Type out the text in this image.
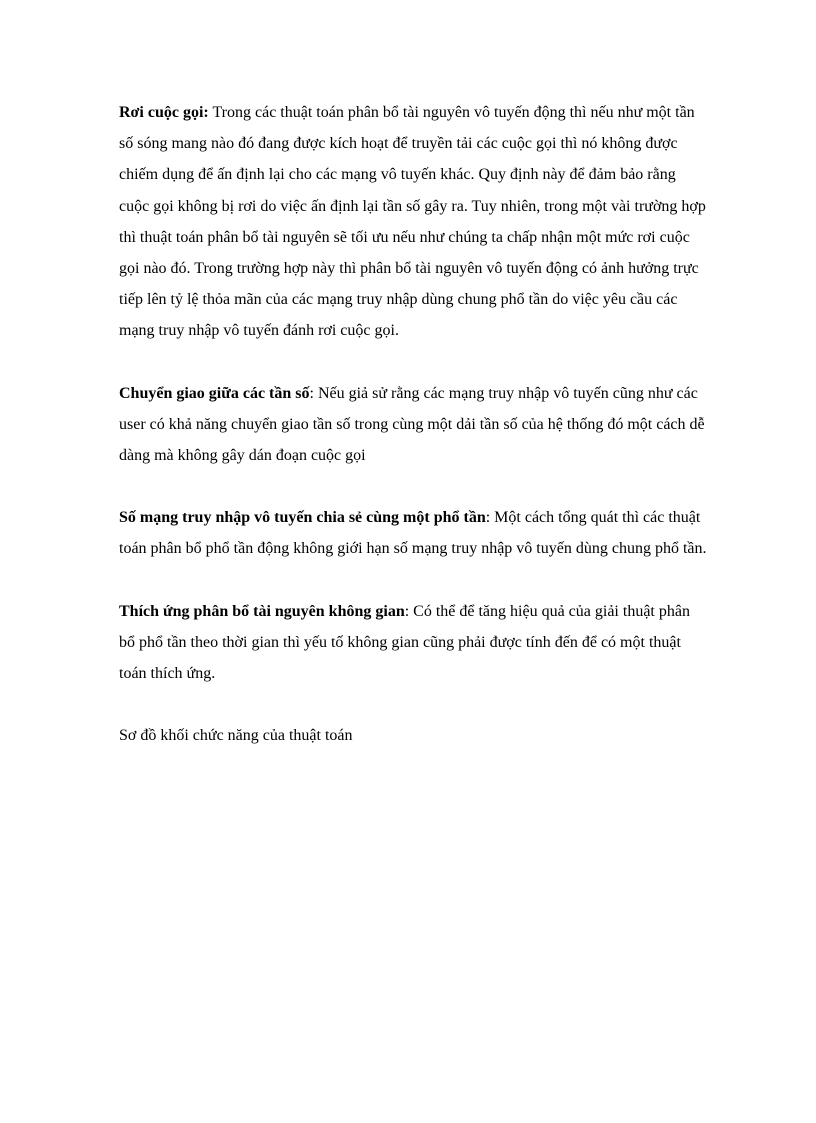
Rơi cuộc gọi: Trong các thuật toán phân bổ tài nguyên vô tuyến động thì nếu như một tần số sóng mang nào đó đang được kích hoạt để truyền tải các cuộc gọi thì nó không được chiếm dụng để ấn định lại cho các mạng vô tuyến khác. Quy định này để đảm bảo rằng cuộc gọi không bị rơi do việc ấn định lại tần số gây ra. Tuy nhiên, trong một vài trường hợp thì thuật toán phân bổ tài nguyên sẽ tối ưu nếu như chúng ta chấp nhận một mức rơi cuộc gọi nào đó. Trong trường hợp này thì phân bổ tài nguyên vô tuyến động có ảnh hưởng trực tiếp lên tỷ lệ thỏa mãn của các mạng truy nhập dùng chung phổ tần do việc yêu cầu các mạng truy nhập vô tuyến đánh rơi cuộc gọi.

Chuyển giao giữa các tần số: Nếu giả sử rằng các mạng truy nhập vô tuyến cũng như các user có khả năng chuyển giao tần số trong cùng một dải tần số của hệ thống đó một cách dễ dàng mà không gây dán đoạn cuộc gọi

Số mạng truy nhập vô tuyến chia sẻ cùng một phổ tần: Một cách tổng quát thì các thuật toán phân bổ phổ tần động không giới hạn số mạng truy nhập vô tuyến dùng chung phổ tần.

Thích ứng phân bổ tài nguyên không gian: Có thể để tăng hiệu quả của giải thuật phân bổ phổ tần theo thời gian thì yếu tố không gian cũng phải được tính đến để có một thuật toán thích ứng.

Sơ đồ khối chức năng của thuật toán
